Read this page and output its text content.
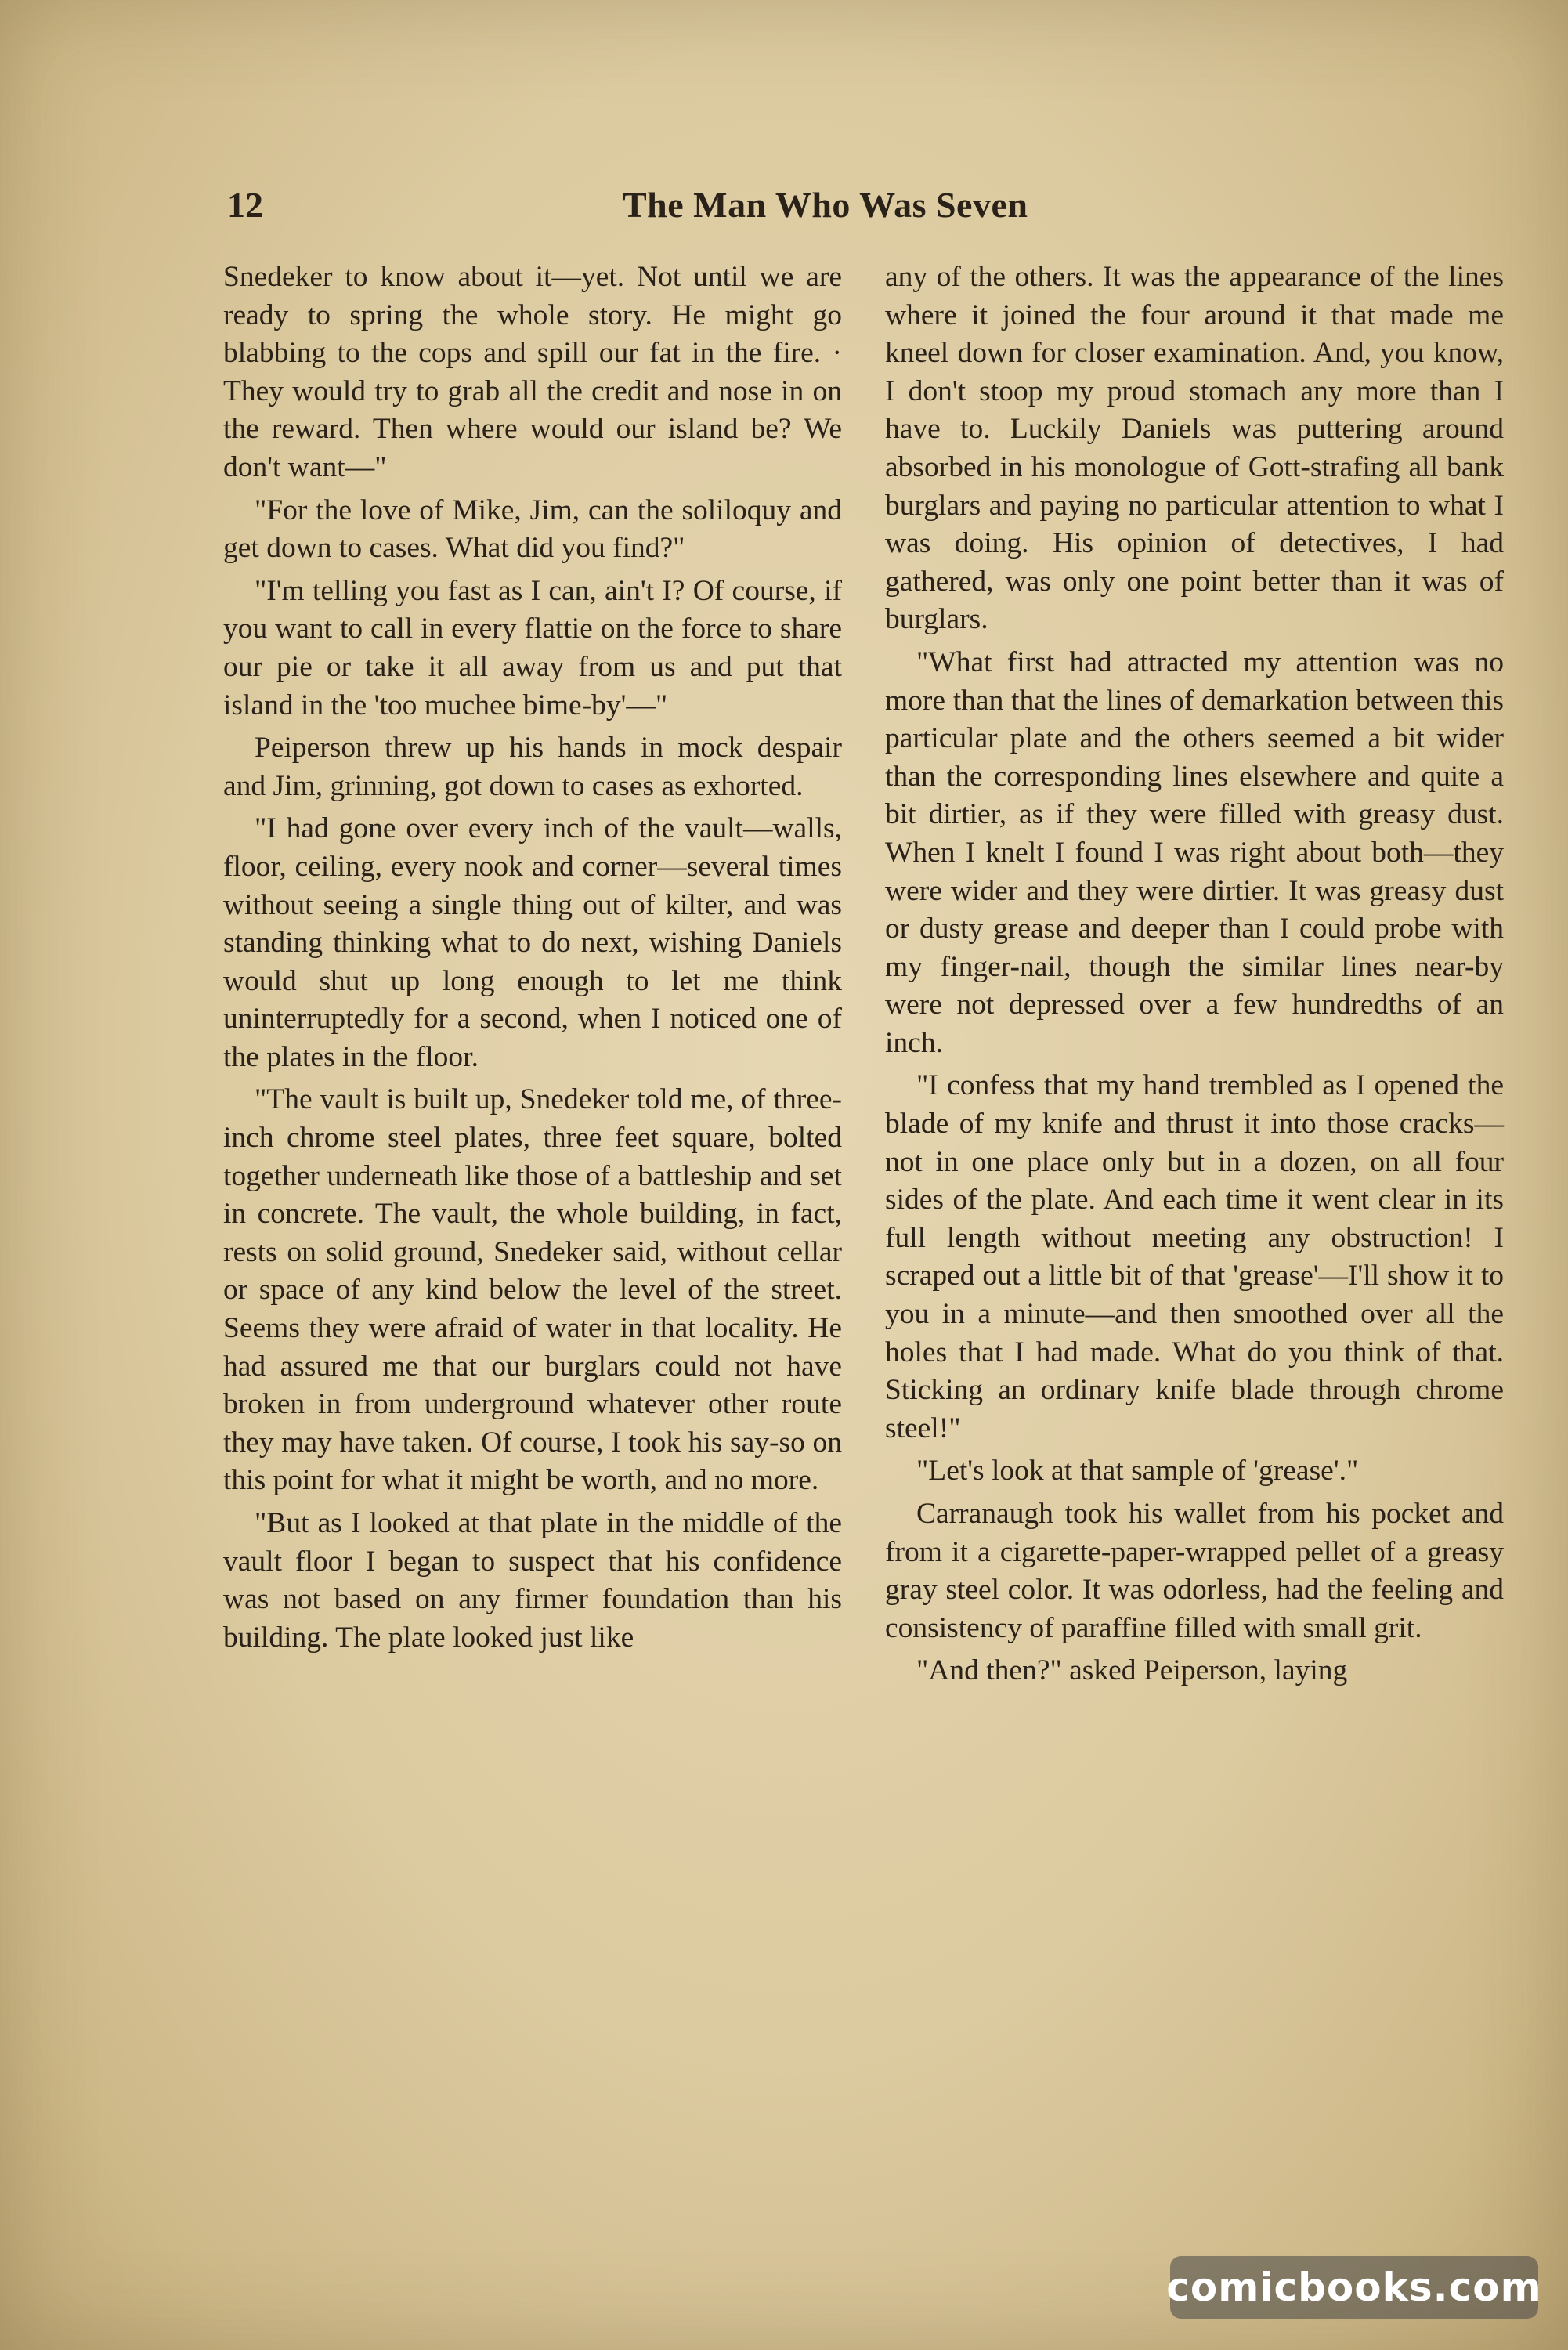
12	The Man Who Was Seven

Snedeker to know about it—yet. Not until we are ready to spring the whole story. He might go blabbing to the cops and spill our fat in the fire. · They would try to grab all the credit and nose in on the reward. Then where would our island be? We don't want—"

"For the love of Mike, Jim, can the soliloquy and get down to cases. What did you find?"

"I'm telling you fast as I can, ain't I? Of course, if you want to call in every flattie on the force to share our pie or take it all away from us and put that island in the 'too muchee bime-by'—"

Peiperson threw up his hands in mock despair and Jim, grinning, got down to cases as exhorted.

"I had gone over every inch of the vault—walls, floor, ceiling, every nook and corner—several times without seeing a single thing out of kilter, and was standing thinking what to do next, wishing Daniels would shut up long enough to let me think uninterruptedly for a second, when I noticed one of the plates in the floor.

"The vault is built up, Snedeker told me, of three-inch chrome steel plates, three feet square, bolted together underneath like those of a battleship and set in concrete. The vault, the whole building, in fact, rests on solid ground, Snedeker said, without cellar or space of any kind below the level of the street. Seems they were afraid of water in that locality. He had assured me that our burglars could not have broken in from underground whatever other route they may have taken. Of course, I took his say-so on this point for what it might be worth, and no more.

"But as I looked at that plate in the middle of the vault floor I began to suspect that his confidence was not based on any firmer foundation than his building. The plate looked just like

any of the others. It was the appearance of the lines where it joined the four around it that made me kneel down for closer examination. And, you know, I don't stoop my proud stomach any more than I have to. Luckily Daniels was puttering around absorbed in his monologue of Gott-strafing all bank burglars and paying no particular attention to what I was doing. His opinion of detectives, I had gathered, was only one point better than it was of burglars.

"What first had attracted my attention was no more than that the lines of demarkation between this particular plate and the others seemed a bit wider than the corresponding lines elsewhere and quite a bit dirtier, as if they were filled with greasy dust. When I knelt I found I was right about both—they were wider and they were dirtier. It was greasy dust or dusty grease and deeper than I could probe with my finger-nail, though the similar lines near-by were not depressed over a few hundredths of an inch.

"I confess that my hand trembled as I opened the blade of my knife and thrust it into those cracks—not in one place only but in a dozen, on all four sides of the plate. And each time it went clear in its full length without meeting any obstruction! I scraped out a little bit of that 'grease'—I'll show it to you in a minute—and then smoothed over all the holes that I had made. What do you think of that. Sticking an ordinary knife blade through chrome steel!"

"Let's look at that sample of 'grease'."

Carranaugh took his wallet from his pocket and from it a cigarette-paper-wrapped pellet of a greasy gray steel color. It was odorless, had the feeling and consistency of paraffine filled with small grit.

"And then?" asked Peiperson, laying

comicbooks.com
